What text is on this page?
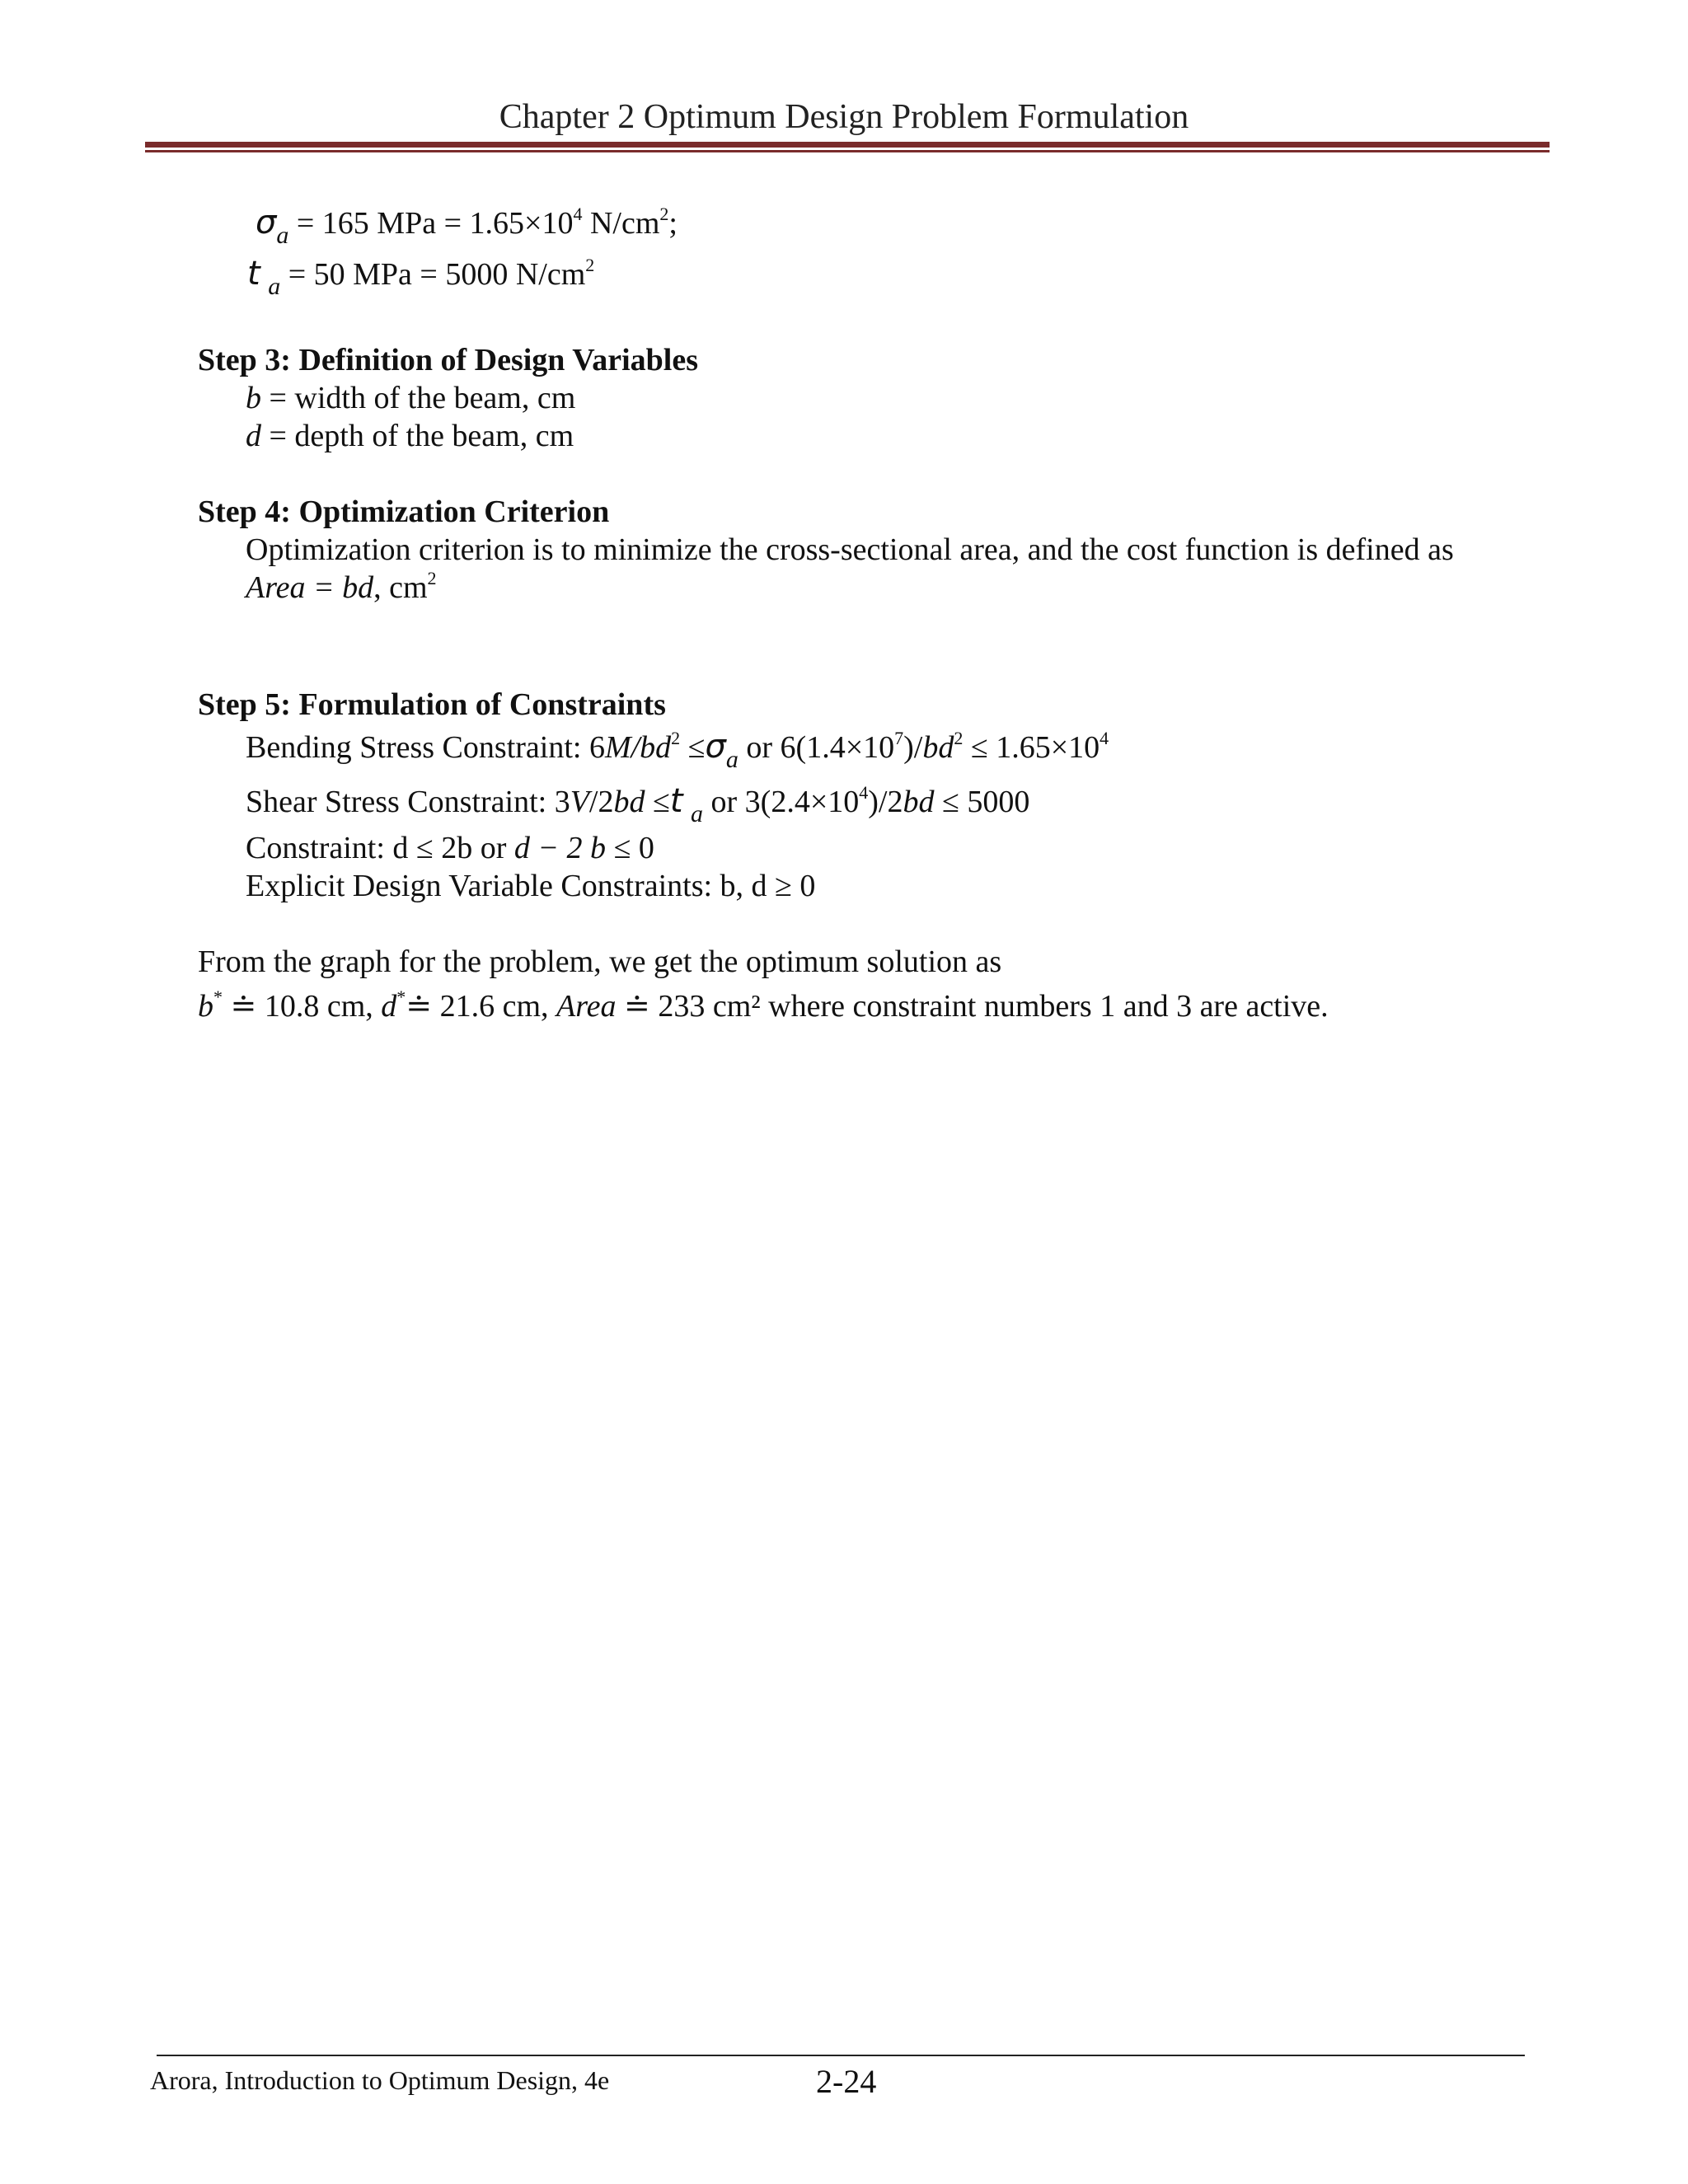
Chapter 2 Optimum Design Problem Formulation
$\sigma_a = 165$ MPa = $1.65\times 10^4$ $N/cm^2$;
t $_a$ = 50 MPa = 5000 $N/cm^2$
Step 3: Definition of Design Variables
b = width of the beam, cm
d = depth of the beam, cm
Step 4: Optimization Criterion
Optimization criterion is to minimize the cross-sectional area, and the cost function is defined as
Area = bd, $cm^2$
Step 5: Formulation of Constraints
Bending Stress Constraint: $6M/bd^2 \le\sigma_a$ or $6(1.4\times 10^7)/bd^2 \le 1.65\times 10^4$
Shear Stress Constraint: 3V/2bd ≤t $_a$ or $3(2.4\times 10^4)/2bd \le 5000$
Constraint: d ≤ 2b or d − 2 b ≤ 0
Explicit Design Variable Constraints: b, d ≥ 0
From the graph for the problem, we get the optimum solution as
b* ≐ 10.8 cm, d*≐ 21.6 cm, Area ≐ 233 cm² where constraint numbers 1 and 3 are active.
Arora, Introduction to Optimum Design, 4e	2-24
